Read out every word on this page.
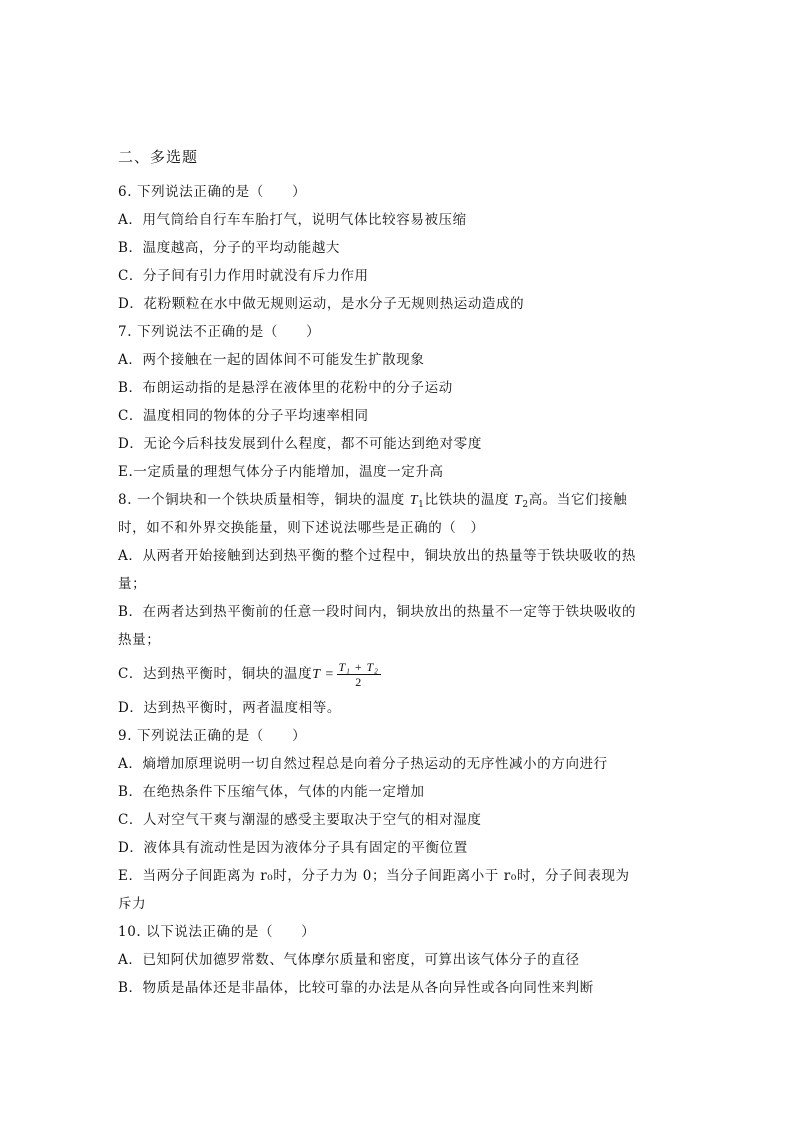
二、多选题
6. 下列说法正确的是（　　）
A．用气筒给自行车车胎打气，说明气体比较容易被压缩
B．温度越高，分子的平均动能越大
C．分子间有引力作用时就没有斥力作用
D．花粉颗粒在水中做无规则运动，是水分子无规则热运动造成的
7. 下列说法不正确的是（　　）
A．两个接触在一起的固体间不可能发生扩散现象
B．布朗运动指的是悬浮在液体里的花粉中的分子运动
C．温度相同的物体的分子平均速率相同
D．无论今后科技发展到什么程度，都不可能达到绝对零度
E.一定质量的理想气体分子内能增加，温度一定升高
8. 一个铜块和一个铁块质量相等，铜块的温度 $T_1$比铁块的温度 $T_2$高。当它们接触
时，如不和外界交换能量，则下述说法哪些是正确的（　）
A．从两者开始接触到达到热平衡的整个过程中，铜块放出的热量等于铁块吸收的热
量；
B．在两者达到热平衡前的任意一段时间内，铜块放出的热量不一定等于铁块吸收的
热量；
C．达到热平衡时，铜块的温度$T = \frac{\text{T₁ + T₂}}{2}$
D．达到热平衡时，两者温度相等。
9. 下列说法正确的是（　　）
A．熵增加原理说明一切自然过程总是向着分子热运动的无序性减小的方向进行
B．在绝热条件下压缩气体，气体的内能一定增加
C．人对空气干爽与潮湿的感受主要取决于空气的相对湿度
D．液体具有流动性是因为液体分子具有固定的平衡位置
E．当两分子间距离为 r₀时，分子力为 0；当分子间距离小于 r₀时，分子间表现为
斥力
10. 以下说法正确的是（　　）
A．已知阿伏加德罗常数、气体摩尔质量和密度，可算出该气体分子的直径
B．物质是晶体还是非晶体，比较可靠的办法是从各向异性或各向同性来判断
